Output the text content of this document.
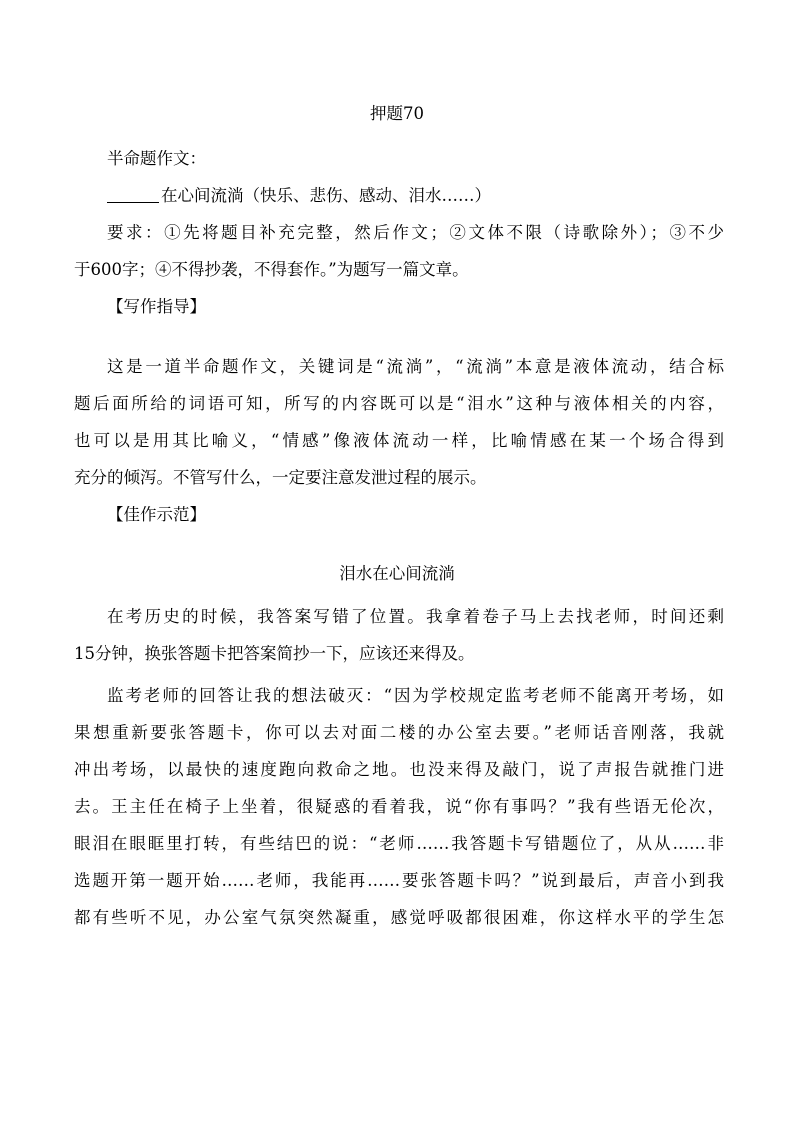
押题70
半命题作文：
在心间流淌（快乐、悲伤、感动、泪水……）
要求：①先将题目补充完整，然后作文；②文体不限（诗歌除外）；③不少
于600字；④不得抄袭，不得套作。”为题写一篇文章。
【写作指导】
这是一道半命题作文，关键词是“流淌”，“流淌”本意是液体流动，结合标
题后面所给的词语可知，所写的内容既可以是“泪水”这种与液体相关的内容，
也可以是用其比喻义，“情感”像液体流动一样，比喻情感在某一个场合得到
充分的倾泻。不管写什么，一定要注意发泄过程的展示。
【佳作示范】
泪水在心间流淌
在考历史的时候，我答案写错了位置。我拿着卷子马上去找老师，时间还剩
15分钟，换张答题卡把答案简抄一下，应该还来得及。
监考老师的回答让我的想法破灭：“因为学校规定监考老师不能离开考场，如
果想重新要张答题卡，你可以去对面二楼的办公室去要。”老师话音刚落，我就
冲出考场，以最快的速度跑向救命之地。也没来得及敲门，说了声报告就推门进
去。王主任在椅子上坐着，很疑惑的看着我，说“你有事吗？”我有些语无伦次，
眼泪在眼眶里打转，有些结巴的说：“老师……我答题卡写错题位了，从从……非
选题开第一题开始……老师，我能再……要张答题卡吗？”说到最后，声音小到我
都有些听不见，办公室气氛突然凝重，感觉呼吸都很困难，你这样水平的学生怎
